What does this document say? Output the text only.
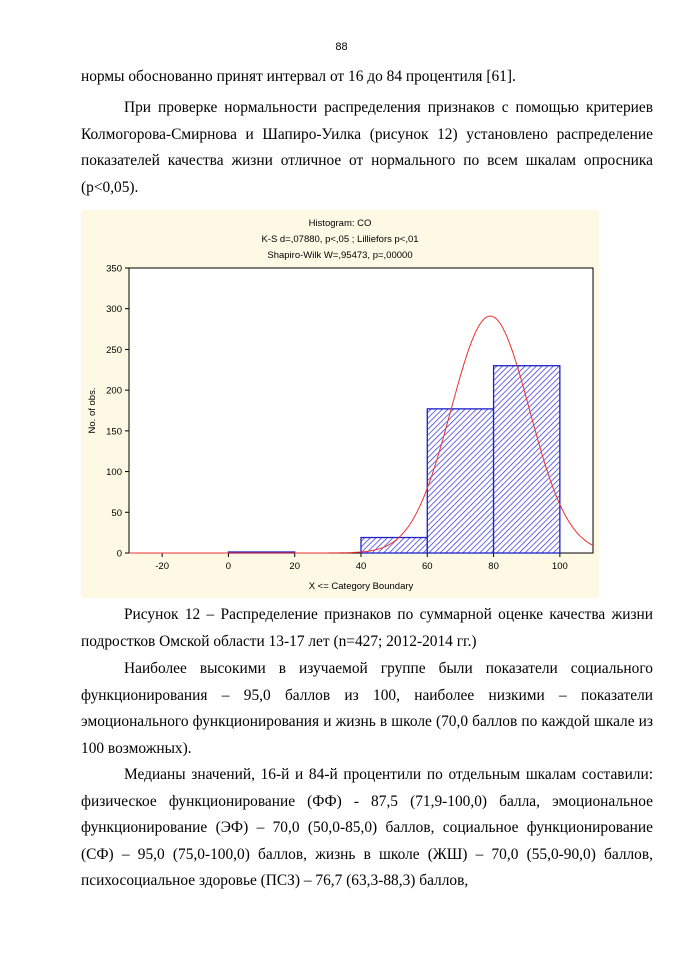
88

нормы обоснованно принят интервал от 16 до 84 процентиля [61].

При проверке нормальности распределения признаков с помощью критериев Колмогорова-Смирнова и Шапиро-Уилка (рисунок 12) установлено распределение показателей качества жизни отличное от нормального по всем шкалам опросника (p<0,05).

Histogram: CO
K-S d=,07880, p<,05 ; Lilliefors p<,01
Shapiro-Wilk W=,95473, p=,00000
0
50
100
150
200
250
300
350
-20	0	20	40	60	80	100
X <= Category Boundary
No. of obs.

Рисунок 12 – Распределение признаков по суммарной оценке качества жизни подростков Омской области 13-17 лет (n=427; 2012-2014 гг.)

Наиболее высокими в изучаемой группе были показатели социального функционирования – 95,0 баллов из 100, наиболее низкими – показатели эмоционального функционирования и жизнь в школе (70,0 баллов по каждой шкале из 100 возможных).

Медианы значений, 16-й и 84-й процентили по отдельным шкалам составили: физическое функционирование (ФФ) - 87,5 (71,9-100,0) балла, эмоциональное функционирование (ЭФ) – 70,0 (50,0-85,0) баллов, социальное функционирование (СФ) – 95,0 (75,0-100,0) баллов, жизнь в школе (ЖШ) – 70,0 (55,0-90,0) баллов, психосоциальное здоровье (ПСЗ) – 76,7 (63,3-88,3) баллов,
